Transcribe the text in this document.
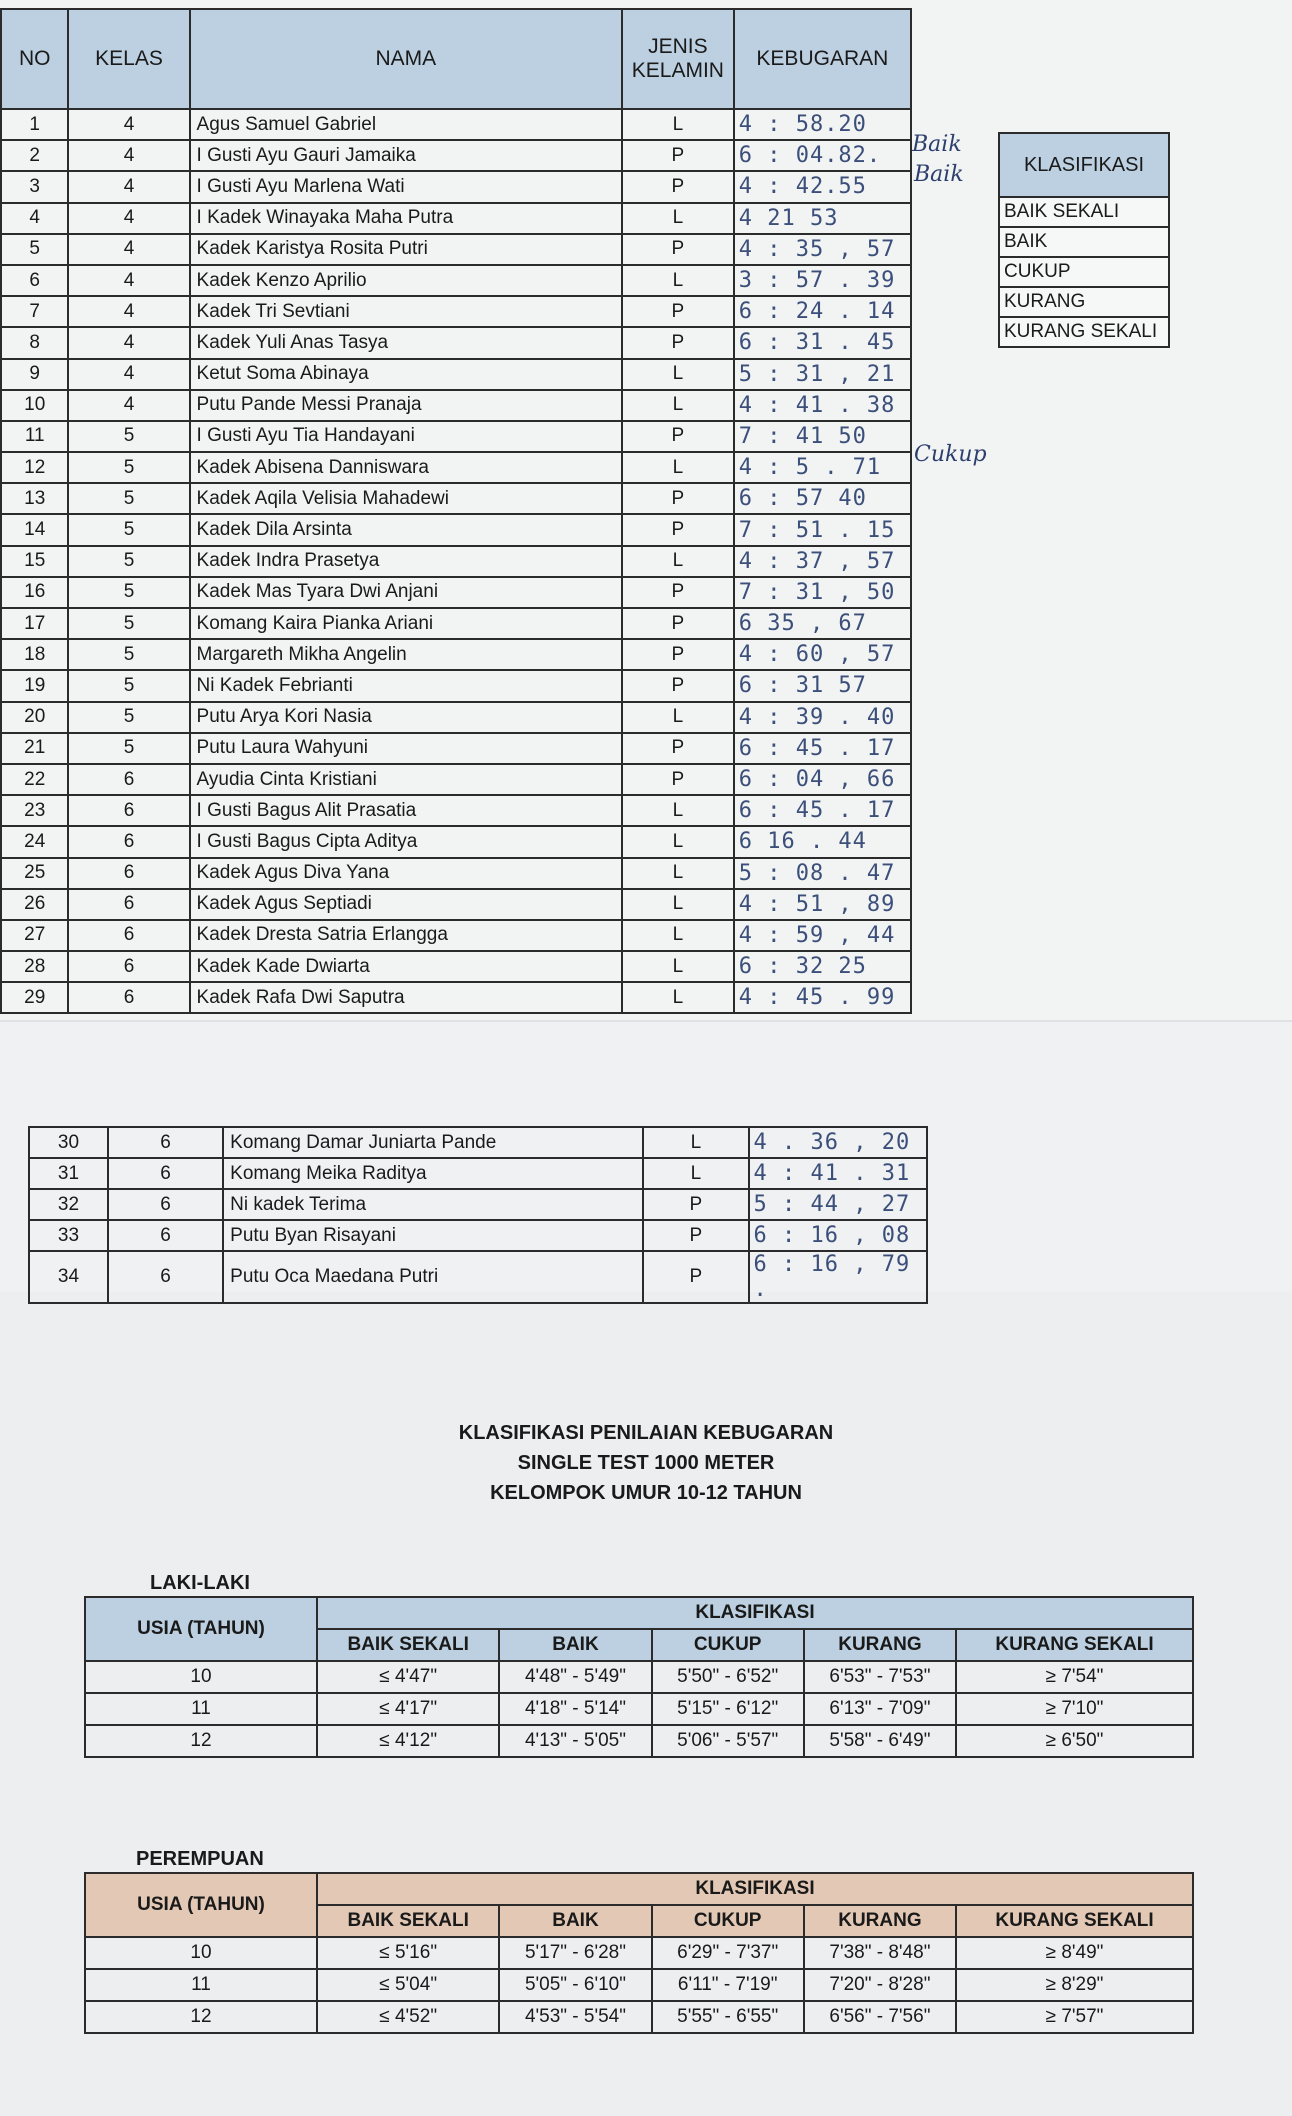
NO	KELAS	NAMA	JENIS KELAMIN	KEBUGARAN
1	4	Agus Samuel Gabriel	L	4 : 58.20
2	4	I Gusti Ayu Gauri Jamaika	P	6 : 04.82.
3	4	I Gusti Ayu Marlena Wati	P	4 : 42.55
4	4	I Kadek Winayaka Maha Putra	L	4 21 53
5	4	Kadek Karistya Rosita Putri	P	4 : 35 , 57
6	4	Kadek Kenzo Aprilio	L	3 : 57 . 39
7	4	Kadek Tri Sevtiani	P	6 : 24 . 14
8	4	Kadek Yuli Anas Tasya	P	6 : 31 . 45
9	4	Ketut Soma Abinaya	L	5 : 31 , 21
10	4	Putu Pande Messi Pranaja	L	4 : 41 . 38
11	5	I Gusti Ayu Tia Handayani	P	7 : 41 50
12	5	Kadek Abisena Danniswara	L	4 : 5 . 71
13	5	Kadek Aqila Velisia Mahadewi	P	6 : 57 40
14	5	Kadek Dila Arsinta	P	7 : 51 . 15
15	5	Kadek Indra Prasetya	L	4 : 37 , 57
16	5	Kadek Mas Tyara Dwi Anjani	P	7 : 31 , 50
17	5	Komang Kaira Pianka Ariani	P	6 35 , 67
18	5	Margareth Mikha Angelin	P	4 : 60 , 57
19	5	Ni Kadek Febrianti	P	6 : 31 57
20	5	Putu Arya Kori Nasia	L	4 : 39 . 40
21	5	Putu Laura Wahyuni	P	6 : 45 . 17
22	6	Ayudia Cinta Kristiani	P	6 : 04 , 66
23	6	I Gusti Bagus Alit Prasatia	L	6 : 45 . 17
24	6	I Gusti Bagus Cipta Aditya	L	6 16 . 44
25	6	Kadek Agus Diva Yana	L	5 : 08 . 47
26	6	Kadek Agus Septiadi	L	4 : 51 , 89
27	6	Kadek Dresta Satria Erlangga	L	4 : 59 , 44
28	6	Kadek Kade Dwiarta	L	6 : 32 25
29	6	Kadek Rafa Dwi Saputra	L	4 : 45 . 99
Baik
Baik
Cukup
KLASIFIKASI
BAIK SEKALI
BAIK
CUKUP
KURANG
KURANG SEKALI
30	6	Komang Damar Juniarta Pande	L	4 . 36 , 20
31	6	Komang Meika Raditya	L	4 : 41 . 31
32	6	Ni kadek Terima	P	5 : 44 , 27
33	6	Putu Byan Risayani	P	6 : 16 , 08
34	6	Putu Oca Maedana Putri	P	6 : 16 , 79 .
KLASIFIKASI PENILAIAN KEBUGARAN
SINGLE TEST 1000 METER
KELOMPOK UMUR 10-12 TAHUN
LAKI-LAKI
USIA (TAHUN)	KLASIFIKASI				
	BAIK SEKALI	BAIK	CUKUP	KURANG	KURANG SEKALI
10	≤ 4'47"	4'48" - 5'49"	5'50" - 6'52"	6'53" - 7'53"	≥ 7'54"
11	≤ 4'17"	4'18" - 5'14"	5'15" - 6'12"	6'13" - 7'09"	≥ 7'10"
12	≤ 4'12"	4'13" - 5'05"	5'06" - 5'57"	5'58" - 6'49"	≥ 6'50"
PEREMPUAN
USIA (TAHUN)	KLASIFIKASI				
	BAIK SEKALI	BAIK	CUKUP	KURANG	KURANG SEKALI
10	≤ 5'16"	5'17" - 6'28"	6'29" - 7'37"	7'38" - 8'48"	≥ 8'49"
11	≤ 5'04"	5'05" - 6'10"	6'11" - 7'19"	7'20" - 8'28"	≥ 8'29"
12	≤ 4'52"	4'53" - 5'54"	5'55" - 6'55"	6'56" - 7'56"	≥ 7'57"
